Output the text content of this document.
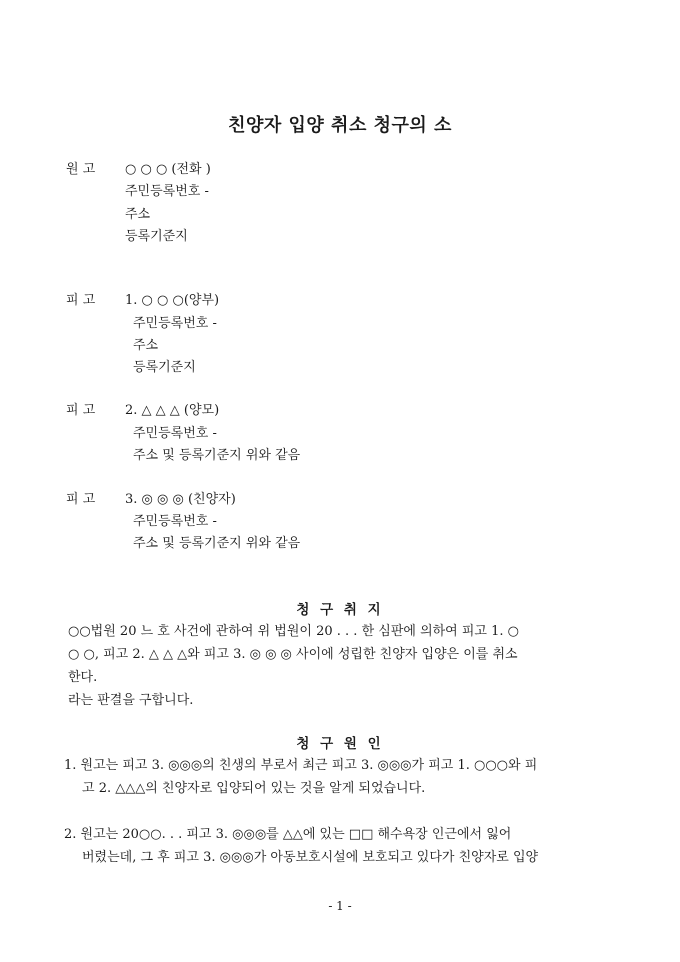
친양자 입양 취소 청구의 소
원 고 ○ ○ ○ (전화 )
주민등록번호 -
주소
등록기준지
피 고 1. ○ ○ ○(양부)
주민등록번호 -
주소
등록기준지
피 고 2. △ △ △ (양모)
주민등록번호 -
주소 및 등록기준지 위와 같음
피 고 3. ◎ ◎ ◎ (친양자)
주민등록번호 -
주소 및 등록기준지 위와 같음
청 구 취 지
○○법원 20 느 호 사건에 관하여 위 법원이 20 . . . 한 심판에 의하여 피고 1. ○
○ ○, 피고 2. △ △ △와 피고 3. ◎ ◎ ◎ 사이에 성립한 친양자 입양은 이를 취소
한다.
라는 판결을 구합니다.
청 구 원 인
1. 원고는 피고 3. ◎◎◎의 친생의 부로서 최근 피고 3. ◎◎◎가 피고 1. ○○○와 피
고 2. △△△의 친양자로 입양되어 있는 것을 알게 되었습니다.
2. 원고는 20○○. . . 피고 3. ◎◎◎를 △△에 있는 □□ 해수욕장 인근에서 잃어
버렸는데, 그 후 피고 3. ◎◎◎가 아동보호시설에 보호되고 있다가 친양자로 입양
- 1 -
